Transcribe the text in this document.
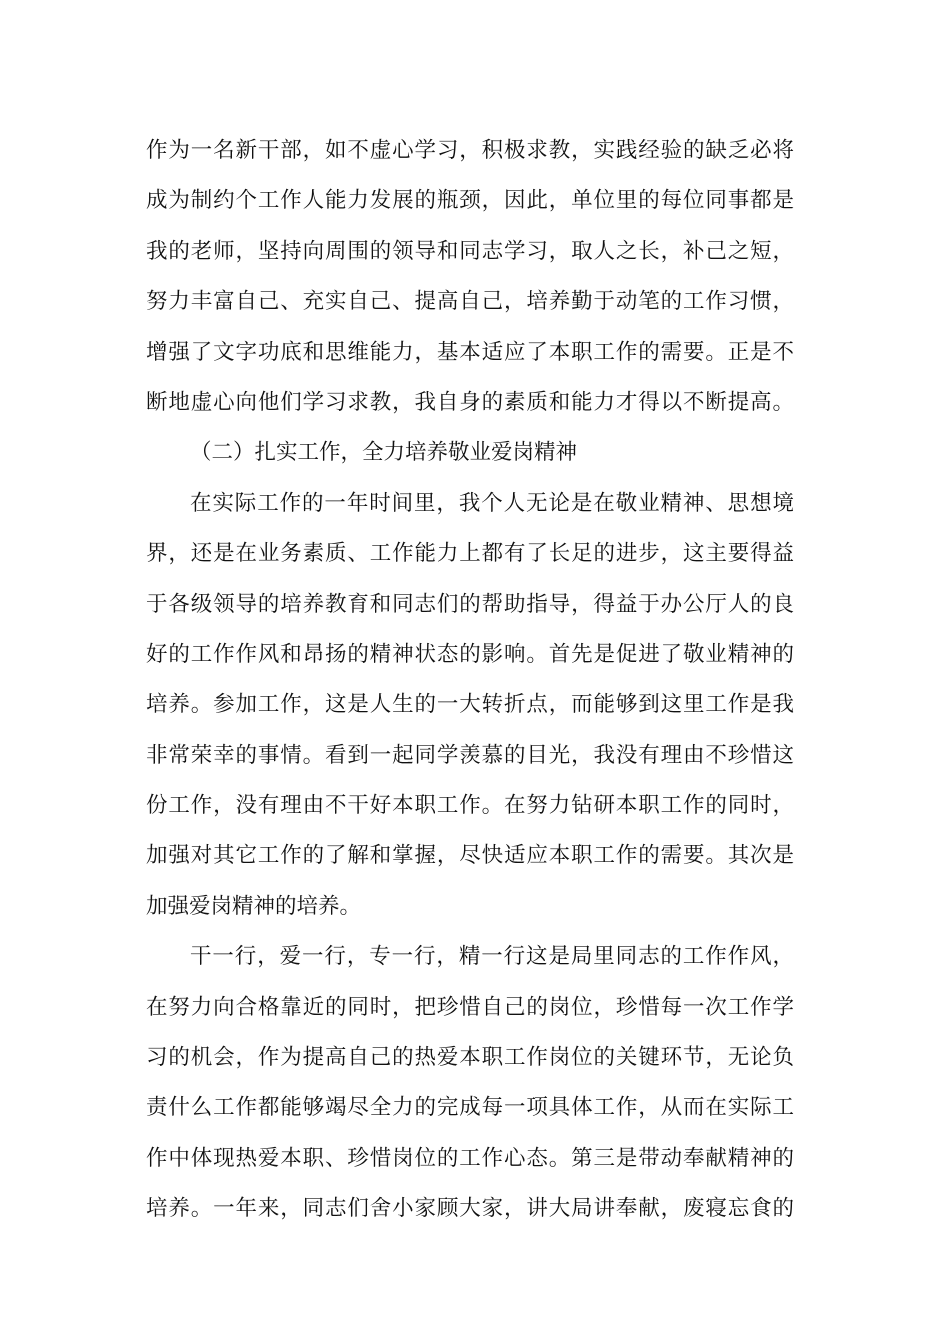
作为一名新干部，如不虚心学习，积极求教，实践经验的缺乏必将
成为制约个工作人能力发展的瓶颈，因此，单位里的每位同事都是
我的老师，坚持向周围的领导和同志学习，取人之长，补己之短，
努力丰富自己、充实自己、提高自己，培养勤于动笔的工作习惯，
增强了文字功底和思维能力，基本适应了本职工作的需要。正是不
断地虚心向他们学习求教，我自身的素质和能力才得以不断提高。
（二）扎实工作，全力培养敬业爱岗精神
在实际工作的一年时间里，我个人无论是在敬业精神、思想境
界，还是在业务素质、工作能力上都有了长足的进步，这主要得益
于各级领导的培养教育和同志们的帮助指导，得益于办公厅人的良
好的工作作风和昂扬的精神状态的影响。首先是促进了敬业精神的
培养。参加工作，这是人生的一大转折点，而能够到这里工作是我
非常荣幸的事情。看到一起同学羡慕的目光，我没有理由不珍惜这
份工作，没有理由不干好本职工作。在努力钻研本职工作的同时，
加强对其它工作的了解和掌握，尽快适应本职工作的需要。其次是
加强爱岗精神的培养。
干一行，爱一行，专一行，精一行这是局里同志的工作作风，
在努力向合格靠近的同时，把珍惜自己的岗位，珍惜每一次工作学
习的机会，作为提高自己的热爱本职工作岗位的关键环节，无论负
责什么工作都能够竭尽全力的完成每一项具体工作，从而在实际工
作中体现热爱本职、珍惜岗位的工作心态。第三是带动奉献精神的
培养。一年来，同志们舍小家顾大家，讲大局讲奉献，废寝忘食的
